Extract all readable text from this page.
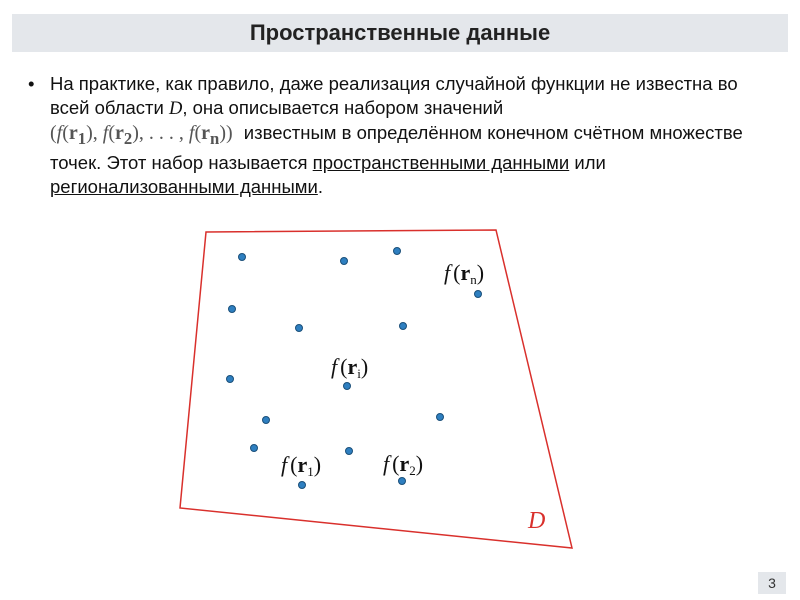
Пространственные данные
• На практике, как правило, даже реализация случайной функции не известна во всей области D, она описывается набором значений
($f(r_1)$, $f(r_2)$, . . . , $f(r_n)$) известным в определённом конечном счётном множестве точек. Этот набор называется пространственными данными или регионализованными данными.
f (rn)
f (ri)
f (r1)	f (r2)
D
3
